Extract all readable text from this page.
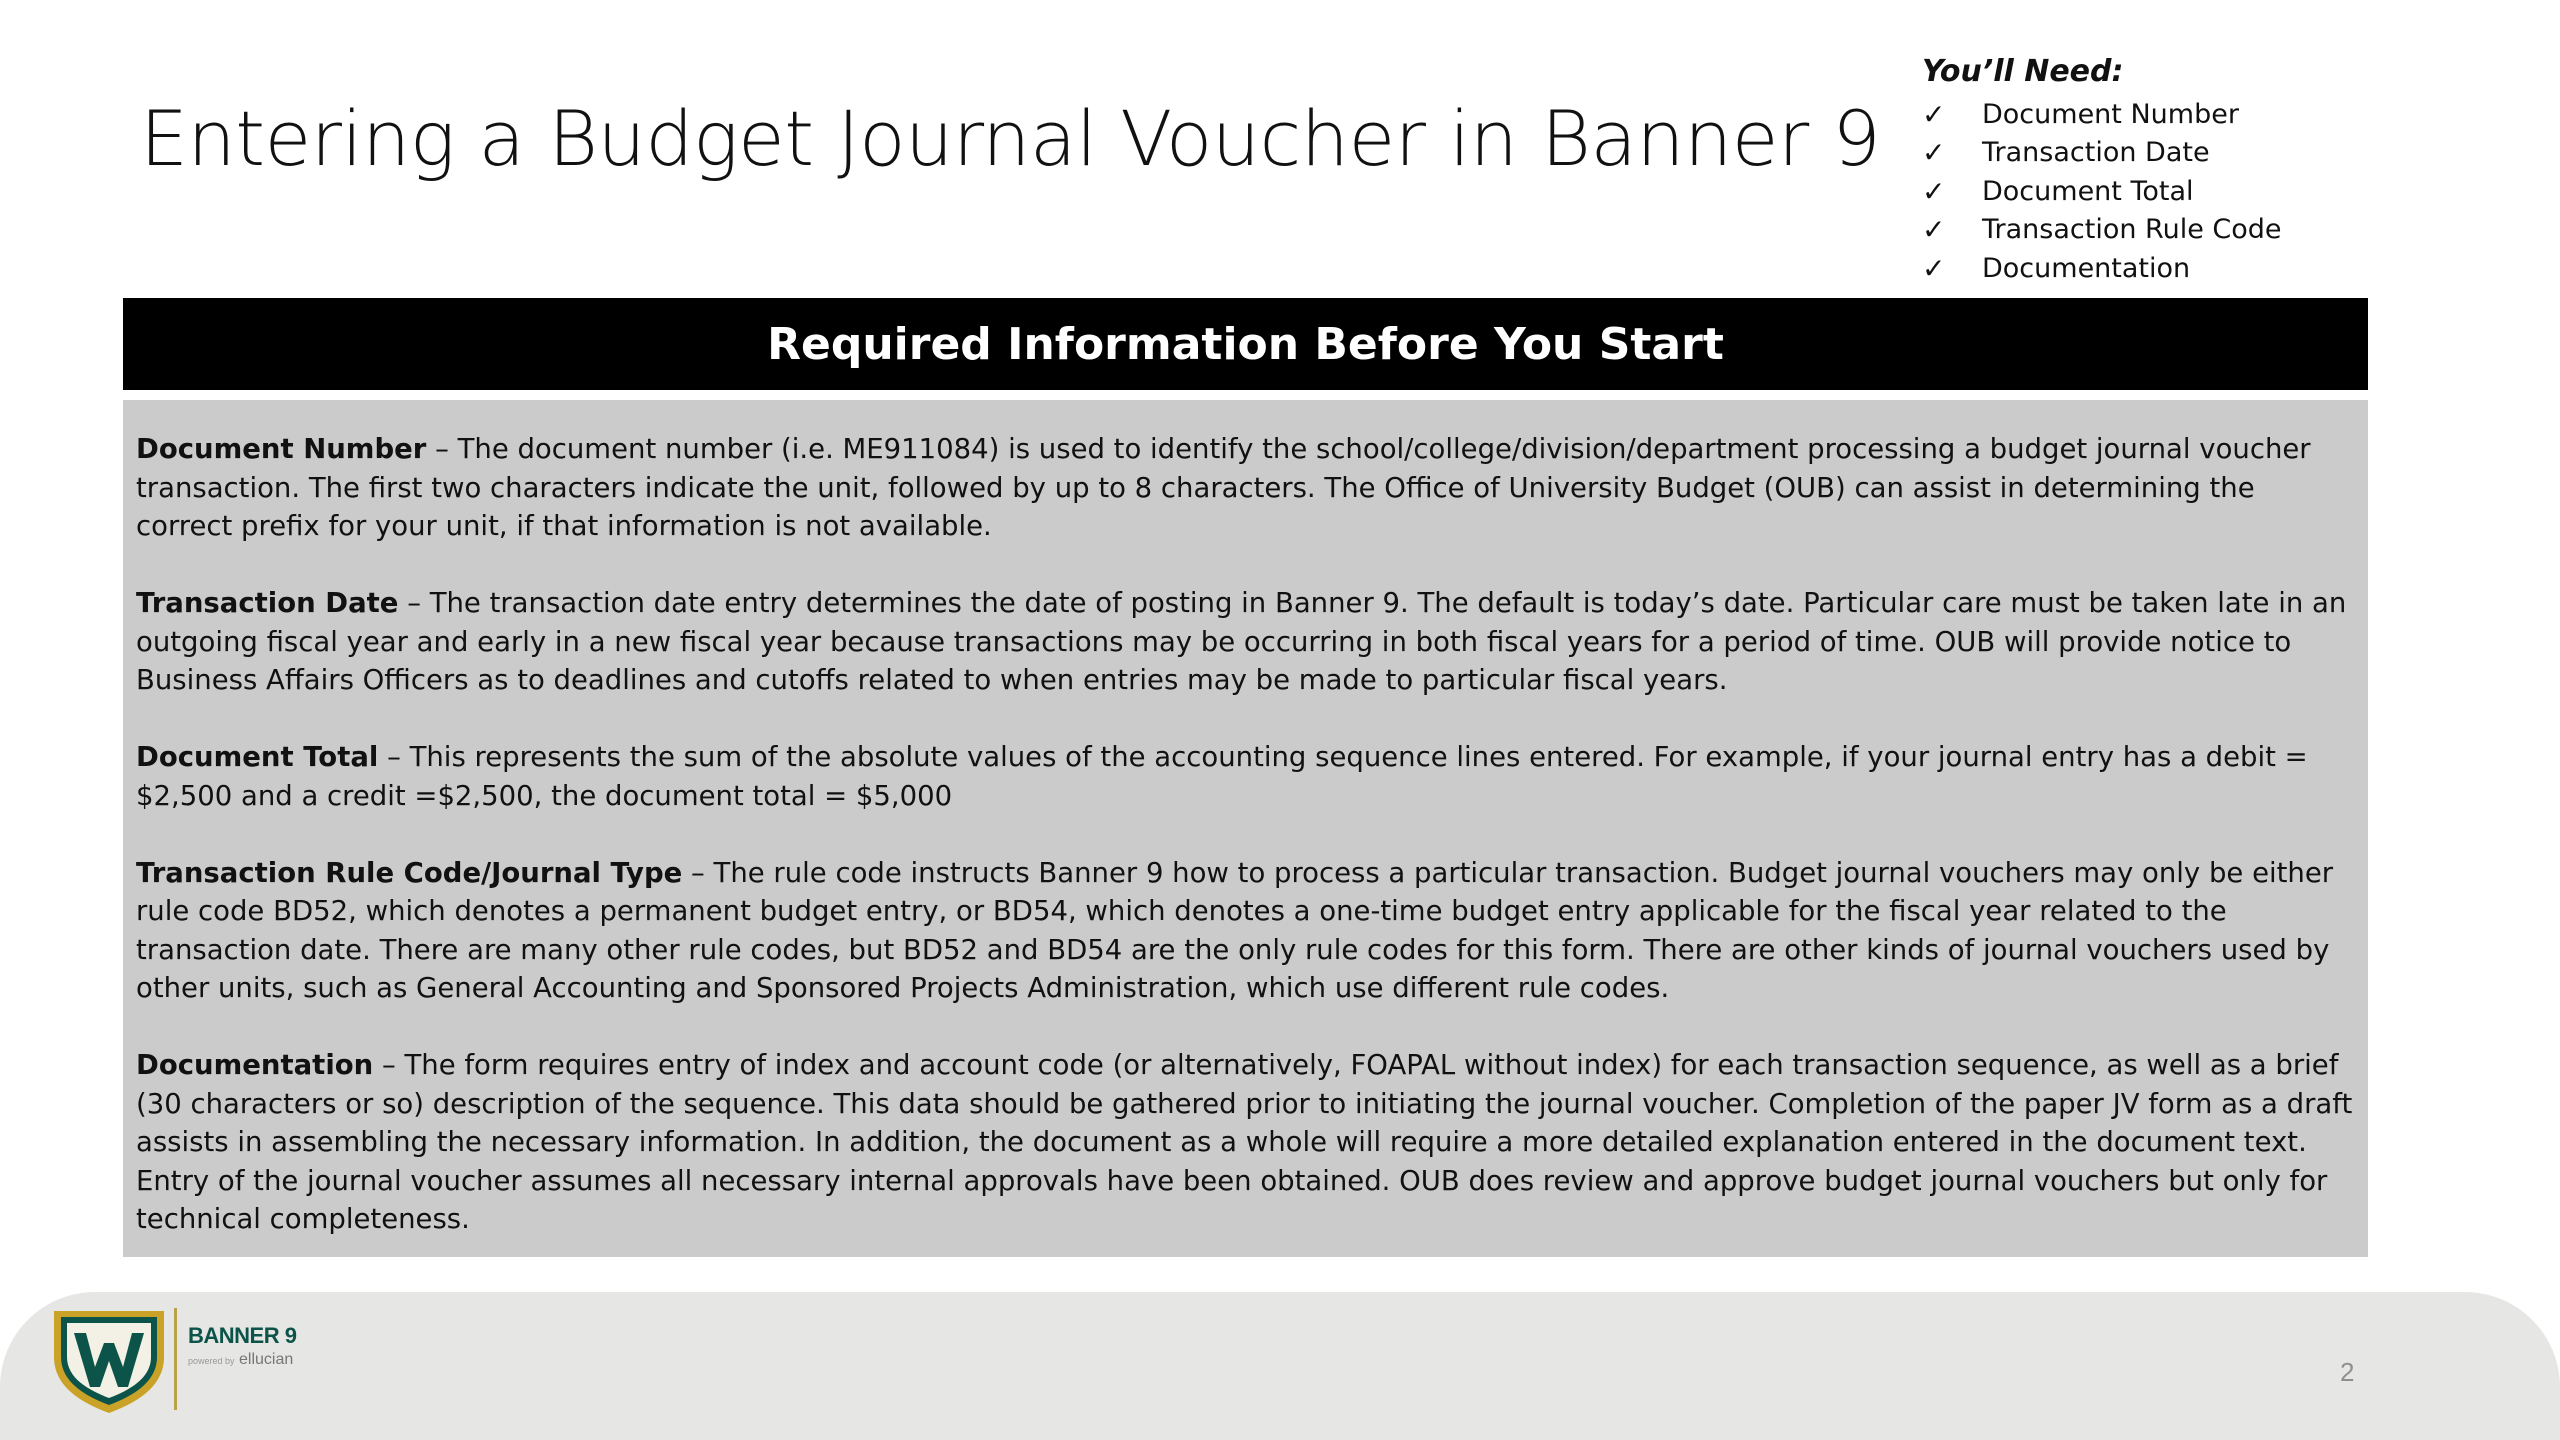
Entering a Budget Journal Voucher in Banner 9
You’ll Need:
✓	Document Number
✓	Transaction Date
✓	Document Total
✓	Transaction Rule Code
✓	Documentation
Required Information Before You Start

Document Number – The document number (i.e. ME911084) is used to identify the school/college/division/department processing a budget journal voucher transaction. The first two characters indicate the unit, followed by up to 8 characters. The Office of University Budget (OUB) can assist in determining the correct prefix for your unit, if that information is not available.

Transaction Date – The transaction date entry determines the date of posting in Banner 9. The default is today’s date. Particular care must be taken late in an outgoing fiscal year and early in a new fiscal year because transactions may be occurring in both fiscal years for a period of time. OUB will provide notice to Business Affairs Officers as to deadlines and cutoffs related to when entries may be made to particular fiscal years.

Document Total – This represents the sum of the absolute values of the accounting sequence lines entered. For example, if your journal entry has a debit = $2,500 and a credit =$2,500, the document total = $5,000

Transaction Rule Code/Journal Type – The rule code instructs Banner 9 how to process a particular transaction. Budget journal vouchers may only be either rule code BD52, which denotes a permanent budget entry, or BD54, which denotes a one-time budget entry applicable for the fiscal year related to the transaction date. There are many other rule codes, but BD52 and BD54 are the only rule codes for this form. There are other kinds of journal vouchers used by other units, such as General Accounting and Sponsored Projects Administration, which use different rule codes.

Documentation – The form requires entry of index and account code (or alternatively, FOAPAL without index) for each transaction sequence, as well as a brief (30 characters or so) description of the sequence. This data should be gathered prior to initiating the journal voucher. Completion of the paper JV form as a draft assists in assembling the necessary information. In addition, the document as a whole will require a more detailed explanation entered in the document text. Entry of the journal voucher assumes all necessary internal approvals have been obtained. OUB does review and approve budget journal vouchers but only for technical completeness.

BANNER 9
powered by ellucian	2
